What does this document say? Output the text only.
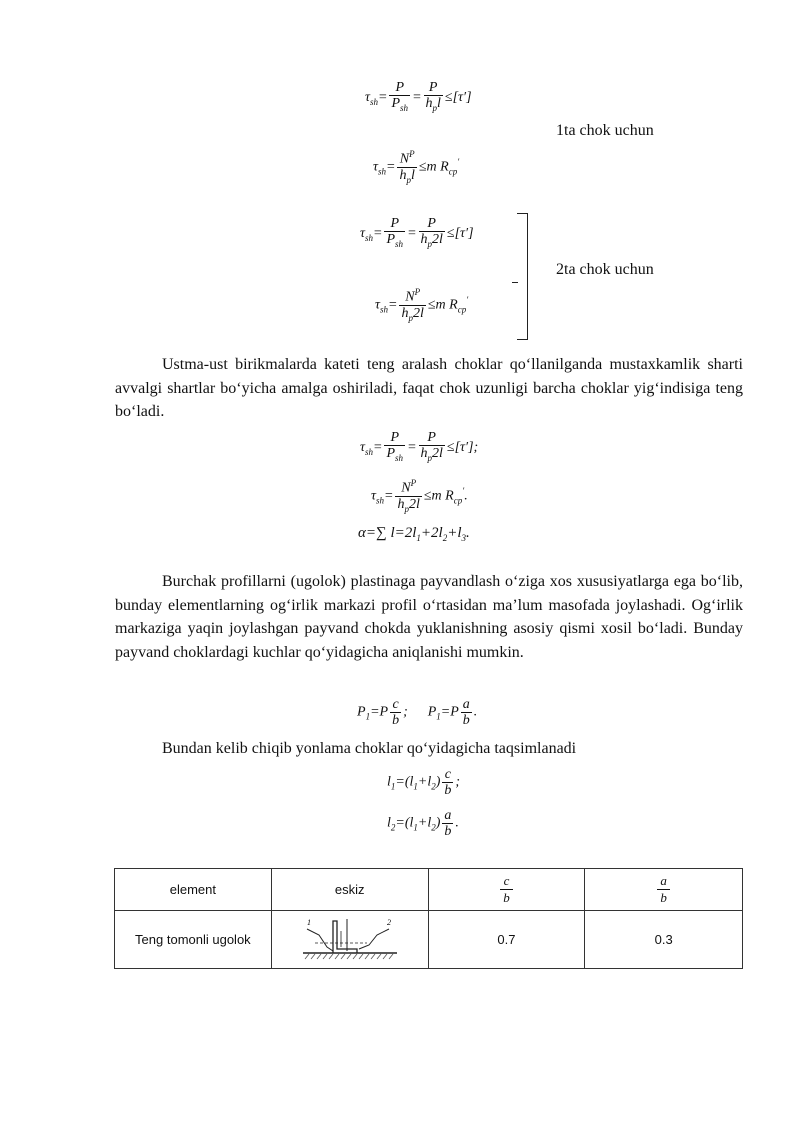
$\tau_{sh}= \frac{P}{P_{sh}} = \frac{P}{h_pl} \le[\tau']$
1ta chok uchun
$\tau_{sh}= \frac{N^P}{h_pl} \le m$ $R_{cp}'$
$\tau_{sh}= \frac{P}{P_{sh}} = \frac{P}{h_p2l} \le[\tau']$
2ta chok uchun
$\tau_{sh}= \frac{N^P}{h_p2l} \le m$ $R_{cp}'$
Ustma-ust birikmalarda kateti teng aralash choklar qo‘llanilganda mustaxkamlik sharti avvalgi shartlar bo‘yicha amalga oshiriladi, faqat chok uzunligi barcha choklar yig‘indisiga teng bo‘ladi.
$\tau_{sh}= \frac{P}{P_{sh}} = \frac{P}{h_p2l} \le[\tau']$;
$\tau_{sh}= \frac{N^P}{h_p2l} \le m$ $R_{cp}'$.
α=∑ $l=2l_1+2l_2+l_3$.
Burchak profillarni (ugolok) plastinaga payvandlash o‘ziga xos xususiyatlarga ega bo‘lib, bunday elementlarning og‘irlik markazi profil o‘rtasidan ma’lum masofada joylashadi. Og‘irlik markaziga yaqin joylashgan payvand chokda yuklanishning asosiy qismi xosil bo‘ladi. Bunday payvand choklardagi kuchlar qo‘yidagicha aniqlanishi mumkin.
$P_1=P \frac{c}{b}$ ; $P_1=P \frac{a}{b}$ .
Bundan kelib chiqib yonlama choklar qo‘yidagicha taqsimlanadi
$l_1=(l_1+l_2) \frac{c}{b}$ ;
$l_2=(l_1+l_2) \frac{a}{b}$ .
element	eskiz	$\frac{c}{b}$	$\frac{a}{b}$

Teng tomonli ugolok	1 2	0.7	0.3
